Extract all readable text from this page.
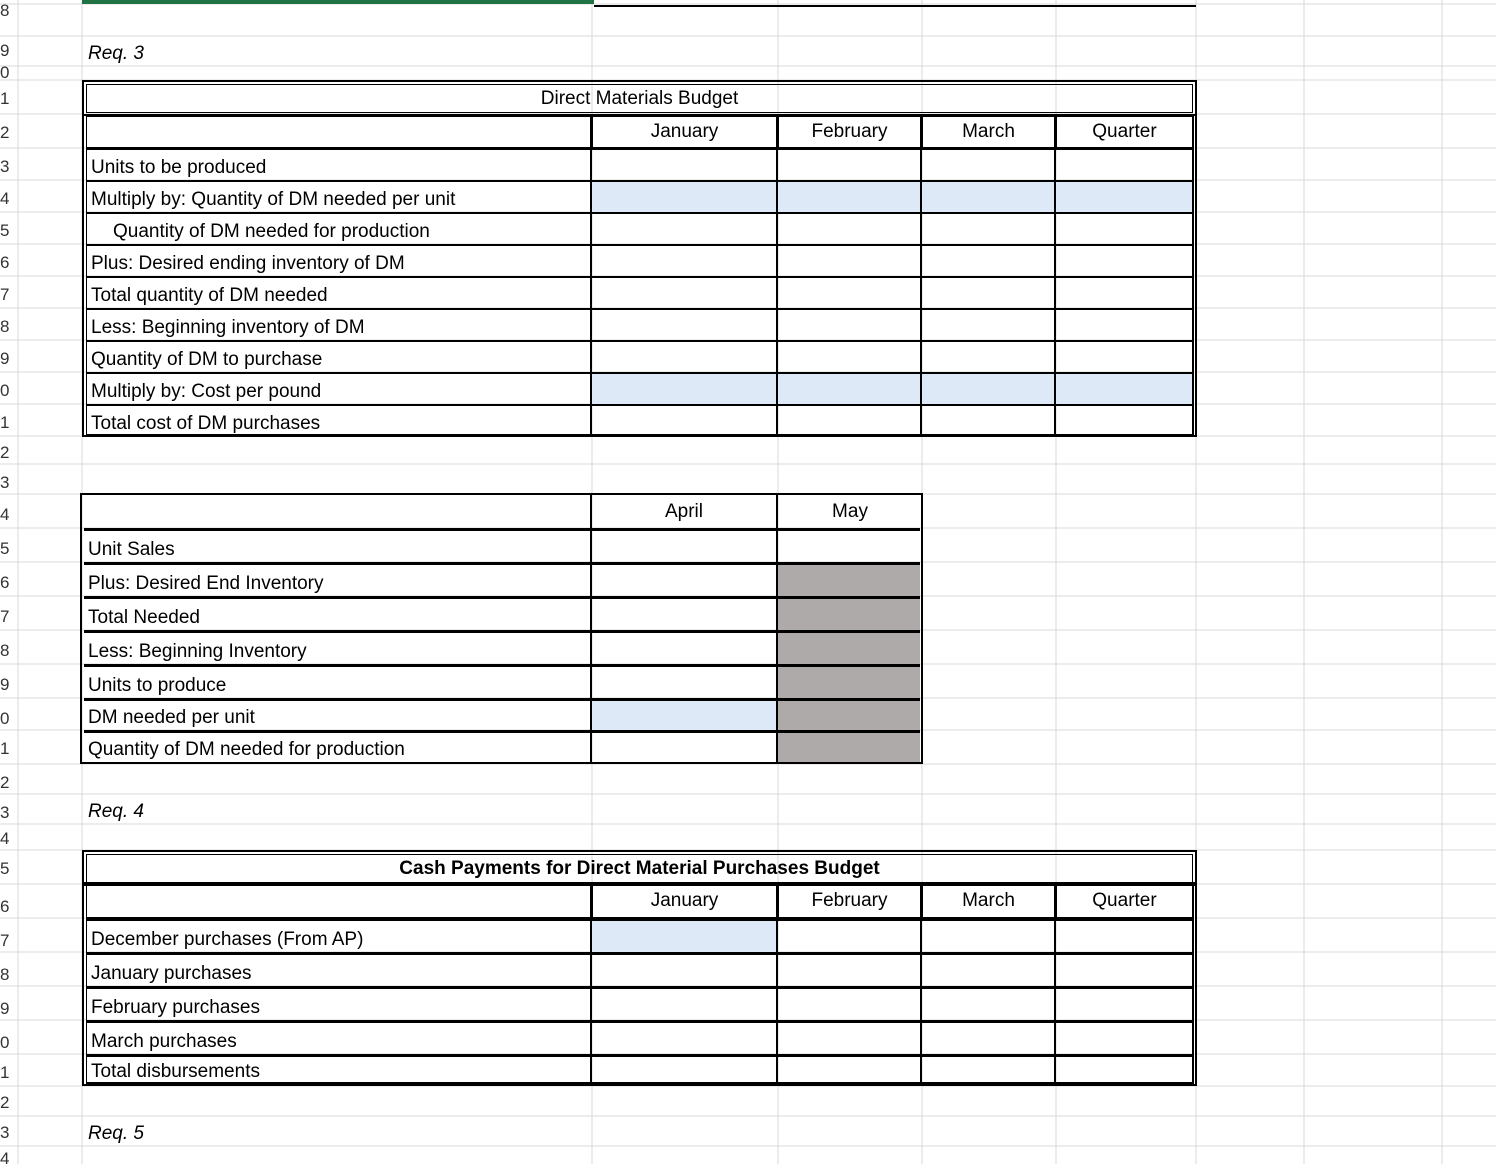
8
9
0
1
2
3
4
5
6
7
8
9
0
1
2
3
4
5
6
7
8
9
0
1
2
3
4
5
6
7
8
9
0
1
2
3
4
Req. 3
Req. 4
Req. 5
Direct Materials Budget
January	February	March	Quarter
Units to be produced
Multiply by: Quantity of DM needed per unit
Quantity of DM needed for production
Plus: Desired ending inventory of DM
Total quantity of DM needed
Less: Beginning inventory of DM
Quantity of DM to purchase
Multiply by: Cost per pound
Total cost of DM purchases
April	May
Unit Sales
Plus: Desired End Inventory
Total Needed
Less: Beginning Inventory
Units to produce
DM needed per unit
Quantity of DM needed for production
Cash Payments for Direct Material Purchases Budget
January	February	March	Quarter
December purchases (From AP)
January purchases
February purchases
March purchases
Total disbursements
